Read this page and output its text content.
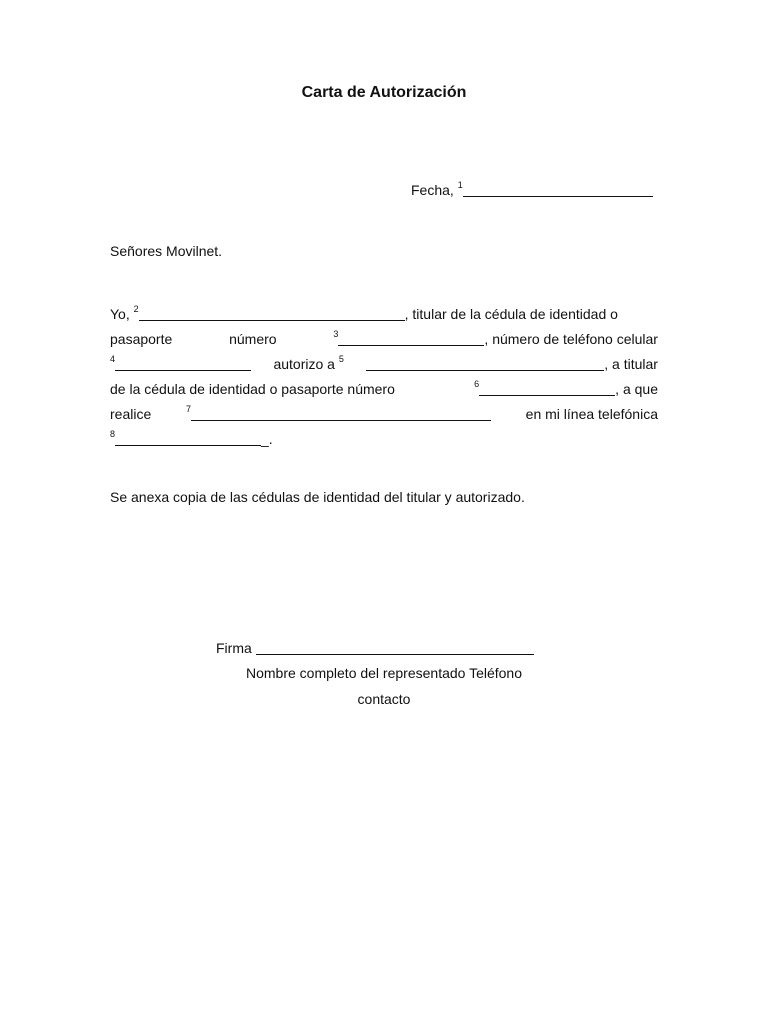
Carta de Autorización
Fecha, $^1$
Señores Movilnet.
Yo, $^2$	, titular de la cédula de identidad o
pasaporte	número	$^3$	, número de teléfono celular
$^4$	autorizo a $^5$	, a titular
de la cédula de identidad o pasaporte número	$^6$	, a que
realice	$^7$	en mi línea telefónica
$^8$	_.
Se anexa copia de las cédulas de identidad del titular y autorizado.
Firma
Nombre completo del representado Teléfono
contacto
